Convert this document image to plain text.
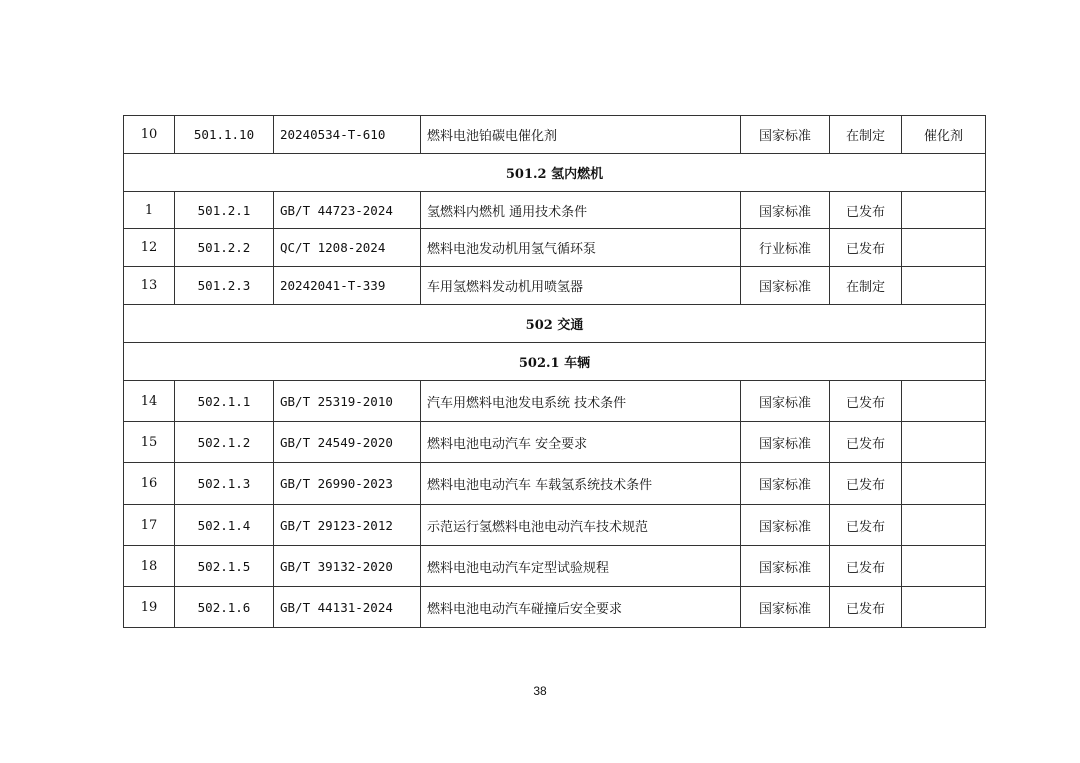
10	501.1.10	20240534-T-610	燃料电池铂碳电催化剂	国家标准	在制定	催化剂
501.2 氢内燃机						
1	501.2.1	GB/T 44723-2024	氢燃料内燃机 通用技术条件	国家标准	已发布	
12	501.2.2	QC/T 1208-2024	燃料电池发动机用氢气循环泵	行业标准	已发布	
13	501.2.3	20242041-T-339	车用氢燃料发动机用喷氢器	国家标准	在制定	
502 交通						
502.1 车辆						
14	502.1.1	GB/T 25319-2010	汽车用燃料电池发电系统 技术条件	国家标准	已发布	
15	502.1.2	GB/T 24549-2020	燃料电池电动汽车 安全要求	国家标准	已发布	
16	502.1.3	GB/T 26990-2023	燃料电池电动汽车 车载氢系统技术条件	国家标准	已发布	
17	502.1.4	GB/T 29123-2012	示范运行氢燃料电池电动汽车技术规范	国家标准	已发布	
18	502.1.5	GB/T 39132-2020	燃料电池电动汽车定型试验规程	国家标准	已发布	
19	502.1.6	GB/T 44131-2024	燃料电池电动汽车碰撞后安全要求	国家标准	已发布	
38
